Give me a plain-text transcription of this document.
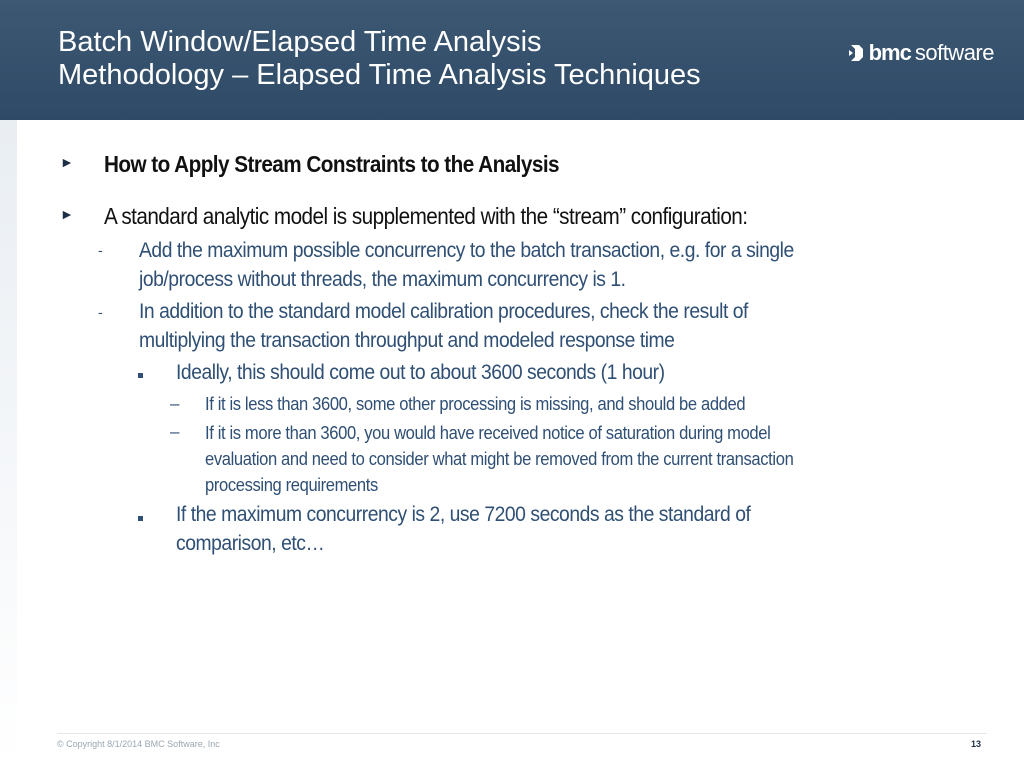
Batch Window/Elapsed Time Analysis
Methodology – Elapsed Time Analysis Techniques
bmc software
► How to Apply Stream Constraints to the Analysis
► A standard analytic model is supplemented with the “stream” configuration:
- Add the maximum possible concurrency to the batch transaction, e.g. for a single
job/process without threads, the maximum concurrency is 1.
- In addition to the standard model calibration procedures, check the result of
multiplying the transaction throughput and modeled response time
Ideally, this should come out to about 3600 seconds (1 hour)
– If it is less than 3600, some other processing is missing, and should be added
– If it is more than 3600, you would have received notice of saturation during model
evaluation and need to consider what might be removed from the current transaction
processing requirements
If the maximum concurrency is 2, use 7200 seconds as the standard of
comparison, etc…
© Copyright 8/1/2014 BMC Software, Inc	13
